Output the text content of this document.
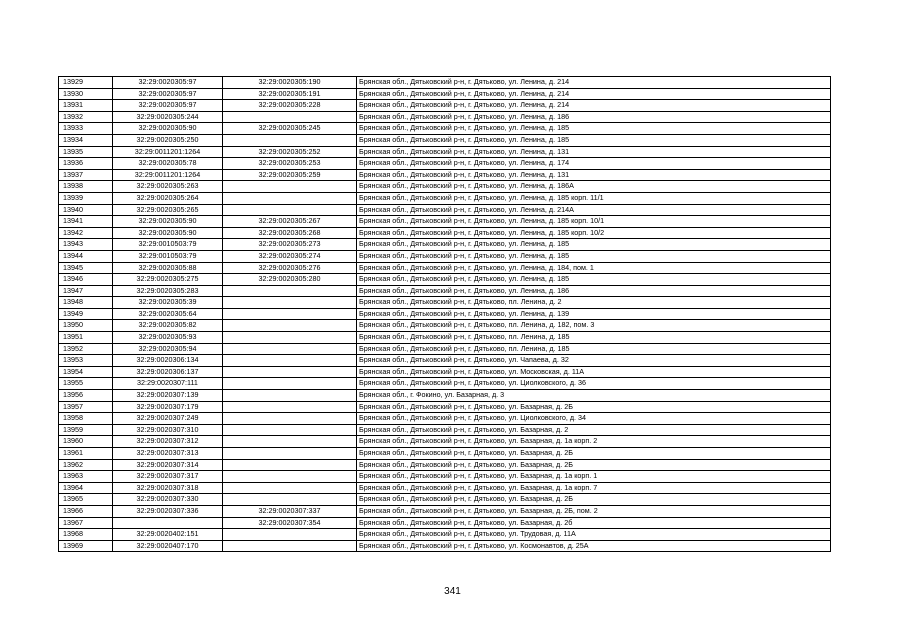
13929	32:29:0020305:97	32:29:0020305:190	Брянская обл., Дятьковский р-н, г. Дятьково, ул. Ленина, д. 214
13930	32:29:0020305:97	32:29:0020305:191	Брянская обл., Дятьковский р-н, г. Дятьково, ул. Ленина, д. 214
13931	32:29:0020305:97	32:29:0020305:228	Брянская обл., Дятьковский р-н, г. Дятьково, ул. Ленина, д. 214
13932	32:29:0020305:244		Брянская обл., Дятьковский р-н, г. Дятьково, ул. Ленина, д. 186
13933	32:29:0020305:90	32:29:0020305:245	Брянская обл., Дятьковский р-н, г. Дятьково, ул. Ленина, д. 185
13934	32:29:0020305:250		Брянская обл., Дятьковский р-н, г. Дятьково, ул. Ленина, д. 185
13935	32:29:0011201:1264	32:29:0020305:252	Брянская обл., Дятьковский р-н, г. Дятьково, ул. Ленина, д. 131
13936	32:29:0020305:78	32:29:0020305:253	Брянская обл., Дятьковский р-н, г. Дятьково, ул. Ленина, д. 174
13937	32:29:0011201:1264	32:29:0020305:259	Брянская обл., Дятьковский р-н, г. Дятьково, ул. Ленина, д. 131
13938	32:29:0020305:263		Брянская обл., Дятьковский р-н, г. Дятьково, ул. Ленина, д. 186А
13939	32:29:0020305:264		Брянская обл., Дятьковский р-н, г. Дятьково, ул. Ленина, д. 185 корп. 11/1
13940	32:29:0020305:265		Брянская обл., Дятьковский р-н, г. Дятьково, ул. Ленина, д. 214А
13941	32:29:0020305:90	32:29:0020305:267	Брянская обл., Дятьковский р-н, г. Дятьково, ул. Ленина, д. 185 корп. 10/1
13942	32:29:0020305:90	32:29:0020305:268	Брянская обл., Дятьковский р-н, г. Дятьково, ул. Ленина, д. 185 корп. 10/2
13943	32:29:0010503:79	32:29:0020305:273	Брянская обл., Дятьковский р-н, г. Дятьково, ул. Ленина, д. 185
13944	32:29:0010503:79	32:29:0020305:274	Брянская обл., Дятьковский р-н, г. Дятьково, ул. Ленина, д. 185
13945	32:29:0020305:88	32:29:0020305:276	Брянская обл., Дятьковский р-н, г. Дятьково, ул. Ленина, д. 184, пом. 1
13946	32:29:0020305:275	32:29:0020305:280	Брянская обл., Дятьковский р-н, г. Дятьково, ул. Ленина, д. 185
13947	32:29:0020305:283		Брянская обл., Дятьковский р-н, г. Дятьково, ул. Ленина, д. 186
13948	32:29:0020305:39		Брянская обл., Дятьковский р-н, г. Дятьково, пл. Ленина, д. 2
13949	32:29:0020305:64		Брянская обл., Дятьковский р-н, г. Дятьково, ул. Ленина, д. 139
13950	32:29:0020305:82		Брянская обл., Дятьковский р-н, г. Дятьково, пл. Ленина, д. 182, пом. 3
13951	32:29:0020305:93		Брянская обл., Дятьковский р-н, г. Дятьково, пл. Ленина, д. 185
13952	32:29:0020305:94		Брянская обл., Дятьковский р-н, г. Дятьково, пл. Ленина, д. 185
13953	32:29:0020306:134		Брянская обл., Дятьковский р-н, г. Дятьково, ул. Чапаева, д. 32
13954	32:29:0020306:137		Брянская обл., Дятьковский р-н, г. Дятьково, ул. Московская, д. 11А
13955	32:29:0020307:111		Брянская обл., Дятьковский р-н, г. Дятьково, ул. Циолковского, д. 36
13956	32:29:0020307:139		Брянская обл., г. Фокино, ул. Базарная, д. 3
13957	32:29:0020307:179		Брянская обл., Дятьковский р-н, г. Дятьково, ул. Базарная, д. 2Б
13958	32:29:0020307:249		Брянская обл., Дятьковский р-н, г. Дятьково, ул. Циолковского, д. 34
13959	32:29:0020307:310		Брянская обл., Дятьковский р-н, г. Дятьково, ул. Базарная, д. 2
13960	32:29:0020307:312		Брянская обл., Дятьковский р-н, г. Дятьково, ул. Базарная, д. 1а корп. 2
13961	32:29:0020307:313		Брянская обл., Дятьковский р-н, г. Дятьково, ул. Базарная, д. 2Б
13962	32:29:0020307:314		Брянская обл., Дятьковский р-н, г. Дятьково, ул. Базарная, д. 2Б
13963	32:29:0020307:317		Брянская обл., Дятьковский р-н, г. Дятьково, ул. Базарная, д. 1а корп. 1
13964	32:29:0020307:318		Брянская обл., Дятьковский р-н, г. Дятьково, ул. Базарная, д. 1а корп. 7
13965	32:29:0020307:330		Брянская обл., Дятьковский р-н, г. Дятьково, ул. Базарная, д. 2Б
13966	32:29:0020307:336	32:29:0020307:337	Брянская обл., Дятьковский р-н, г. Дятьково, ул. Базарная, д. 2Б, пом. 2
13967		32:29:0020307:354	Брянская обл., Дятьковский р-н, г. Дятьково, ул. Базарная, д. 2б
13968	32:29:0020402:151		Брянская обл., Дятьковский р-н, г. Дятьково, ул. Трудовая, д. 11А
13969	32:29:0020407:170		Брянская обл., Дятьковский р-н, г. Дятьково, ул. Космонавтов, д. 25А
341
